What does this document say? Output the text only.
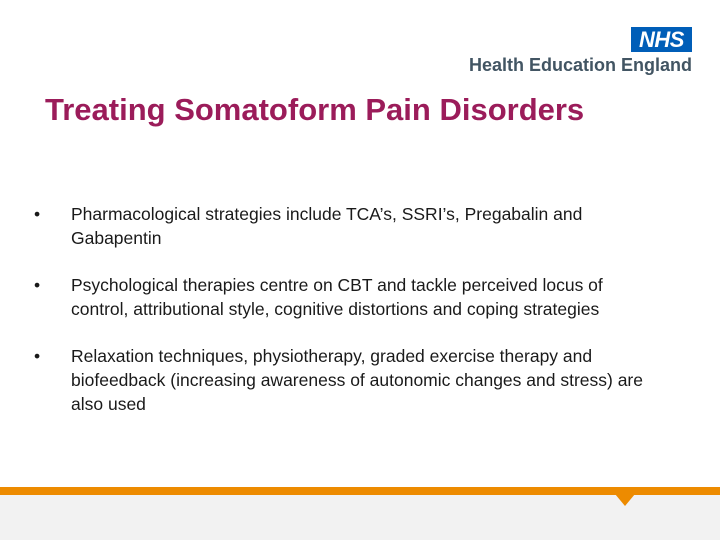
NHS
Health Education England
Treating Somatoform Pain Disorders
• Pharmacological strategies include TCA’s, SSRI’s, Pregabalin and Gabapentin
• Psychological therapies centre on CBT and tackle perceived locus of control, attributional style, cognitive distortions and coping strategies
• Relaxation techniques, physiotherapy, graded exercise therapy and biofeedback (increasing awareness of autonomic changes and stress) are also used
